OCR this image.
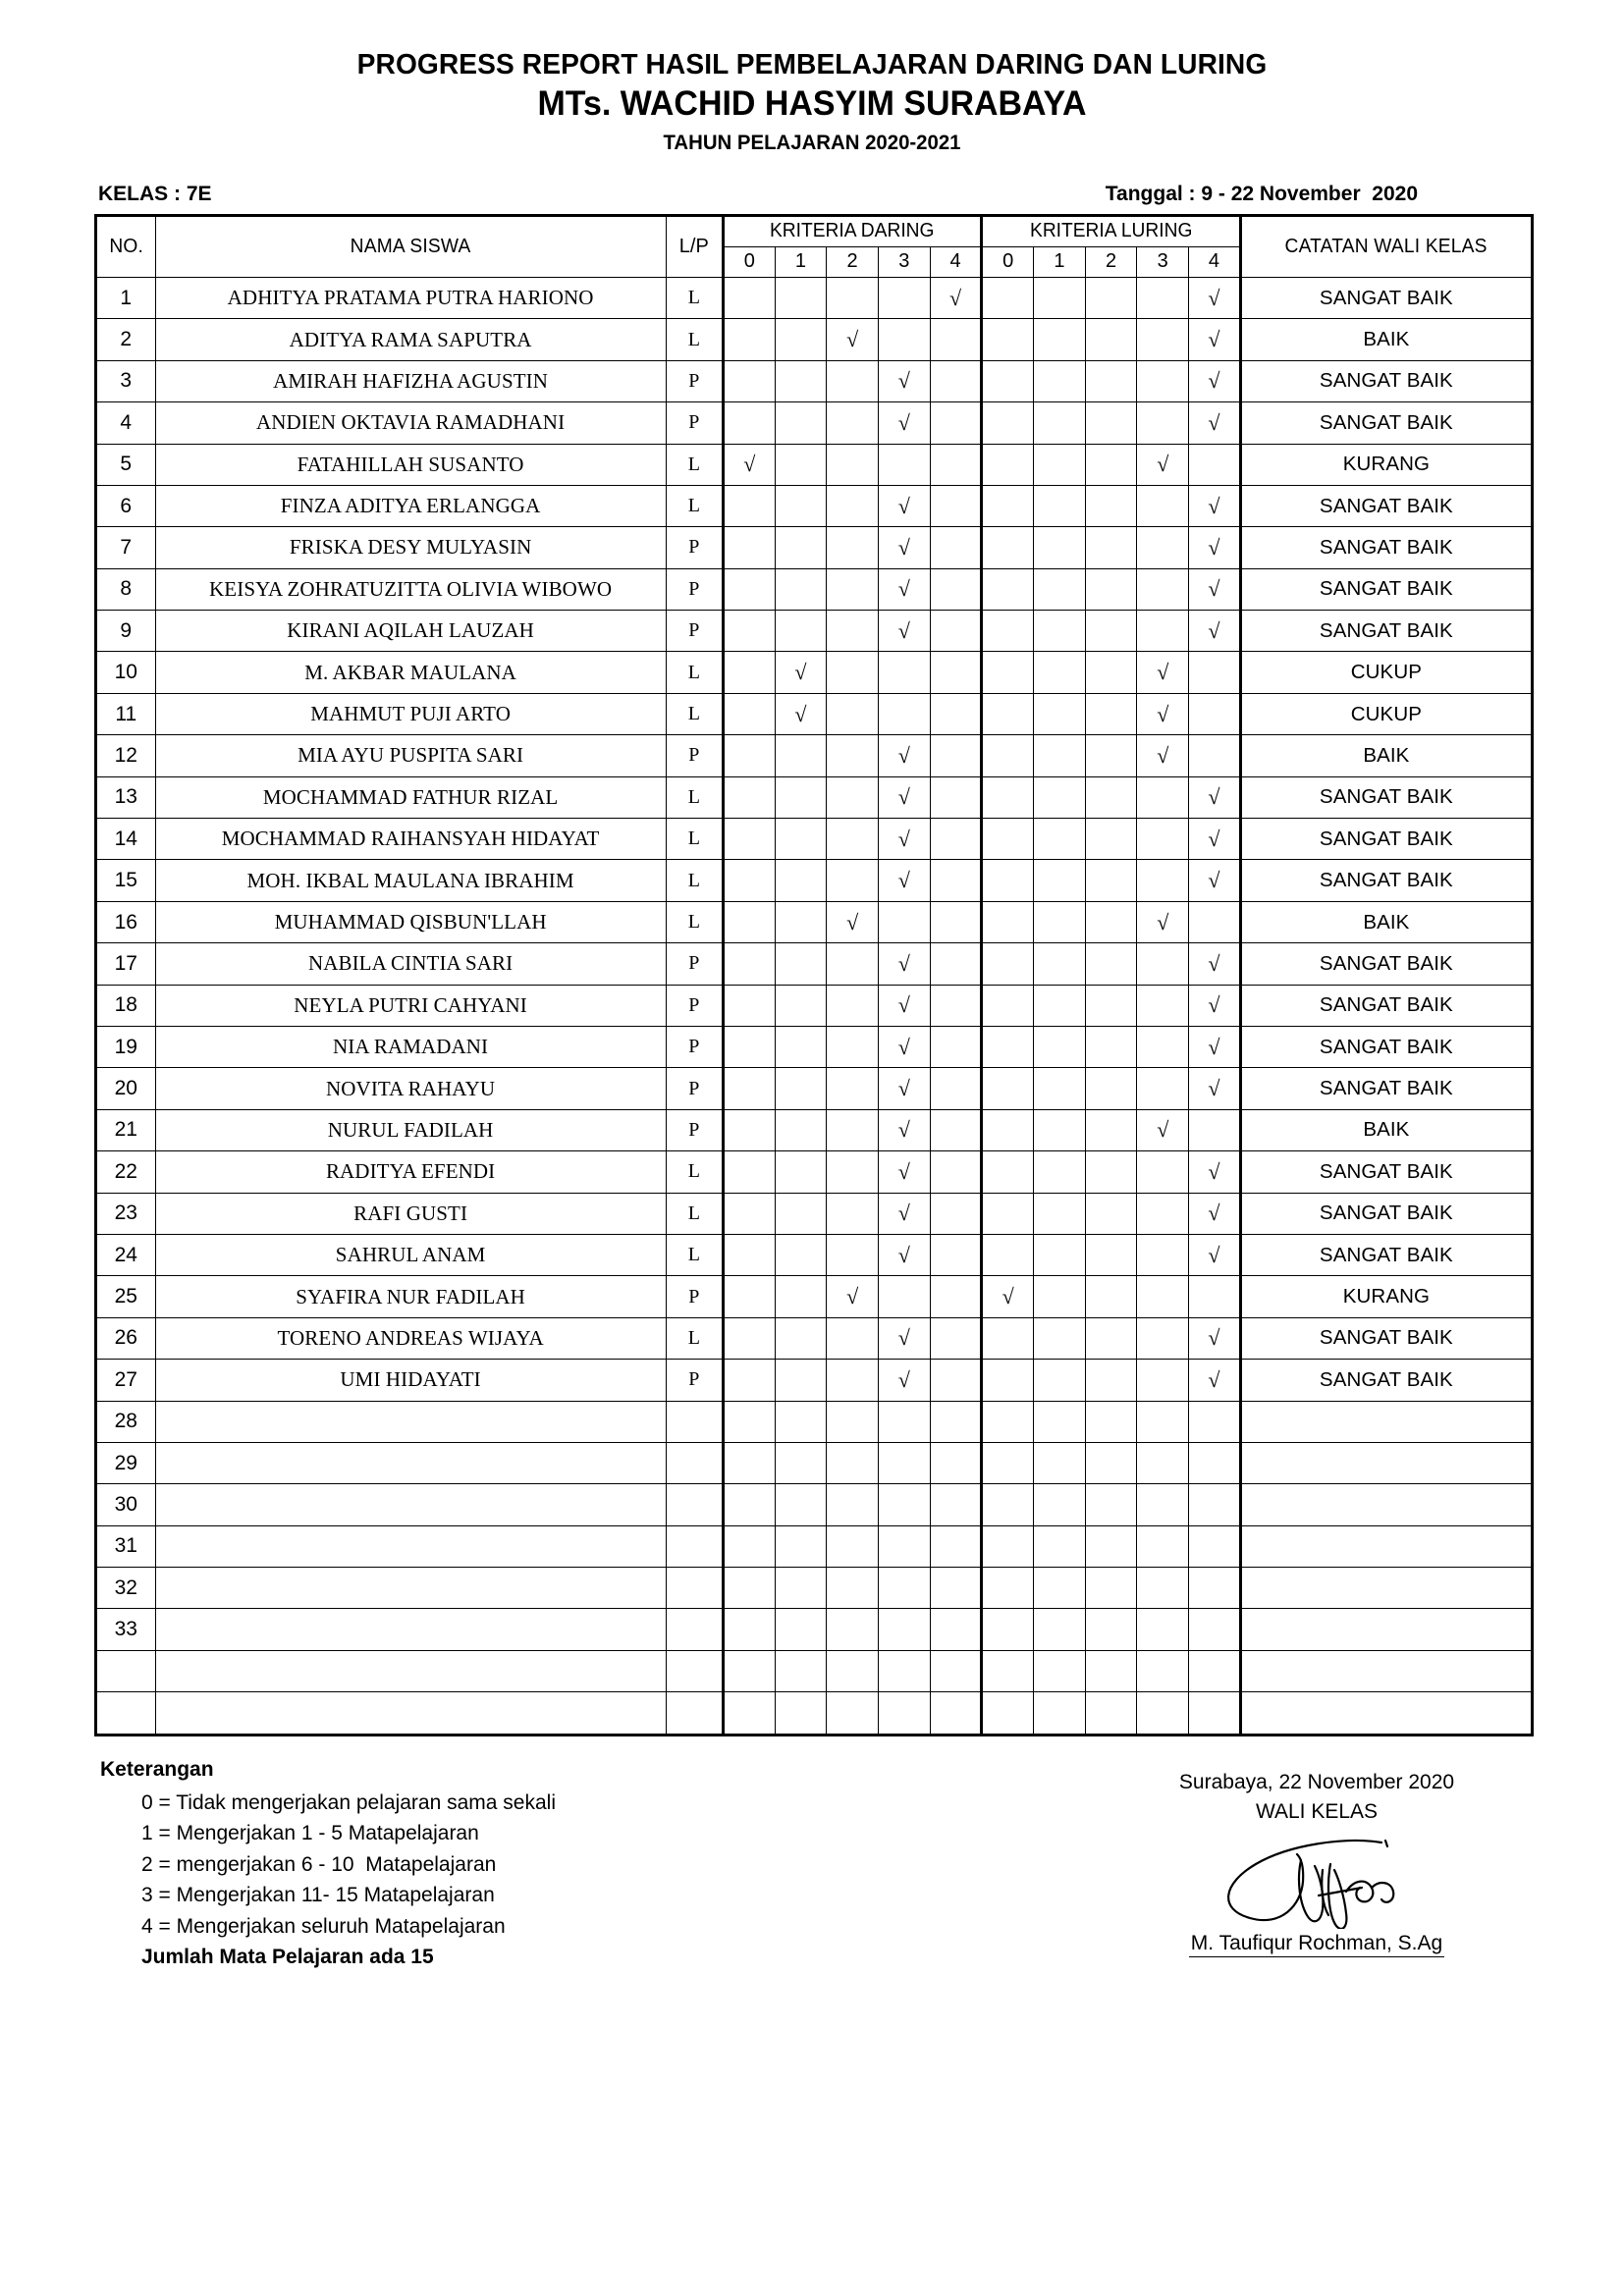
PROGRESS REPORT HASIL PEMBELAJARAN DARING DAN LURING
MTs. WACHID HASYIM SURABAYA
TAHUN PELAJARAN 2020-2021
KELAS : 7E	Tanggal : 9 - 22 November  2020
NO.	NAMA SISWA	L/P	KRITERIA DARING					KRITERIA LURING					CATATAN WALI KELAS
			0	1	2	3	4	0	1	2	3	4	
1	ADHITYA PRATAMA PUTRA HARIONO	L					√					√	SANGAT BAIK
2	ADITYA RAMA SAPUTRA	L			√							√	BAIK
3	AMIRAH HAFIZHA AGUSTIN	P				√						√	SANGAT BAIK
4	ANDIEN OKTAVIA RAMADHANI	P				√						√	SANGAT BAIK
5	FATAHILLAH SUSANTO	L	√								√		KURANG
6	FINZA ADITYA ERLANGGA	L				√						√	SANGAT BAIK
7	FRISKA DESY MULYASIN	P				√						√	SANGAT BAIK
8	KEISYA ZOHRATUZITTA OLIVIA WIBOWO	P				√						√	SANGAT BAIK
9	KIRANI AQILAH LAUZAH	P				√						√	SANGAT BAIK
10	M. AKBAR MAULANA	L		√							√		CUKUP
11	MAHMUT PUJI ARTO	L		√							√		CUKUP
12	MIA AYU PUSPITA SARI	P				√					√		BAIK
13	MOCHAMMAD FATHUR RIZAL	L				√						√	SANGAT BAIK
14	MOCHAMMAD RAIHANSYAH HIDAYAT	L				√						√	SANGAT BAIK
15	MOH. IKBAL MAULANA IBRAHIM	L				√						√	SANGAT BAIK
16	MUHAMMAD QISBUN'LLAH	L			√						√		BAIK
17	NABILA CINTIA SARI	P				√						√	SANGAT BAIK
18	NEYLA PUTRI CAHYANI	P				√						√	SANGAT BAIK
19	NIA RAMADANI	P				√						√	SANGAT BAIK
20	NOVITA RAHAYU	P				√						√	SANGAT BAIK
21	NURUL FADILAH	P				√					√		BAIK
22	RADITYA EFENDI	L				√						√	SANGAT BAIK
23	RAFI GUSTI	L				√						√	SANGAT BAIK
24	SAHRUL ANAM	L				√						√	SANGAT BAIK
25	SYAFIRA NUR FADILAH	P			√			√					KURANG
26	TORENO ANDREAS WIJAYA	L				√						√	SANGAT BAIK
27	UMI HIDAYATI	P				√						√	SANGAT BAIK
28													
29													
30													
31													
32													
33													

Keterangan
0 = Tidak mengerjakan pelajaran sama sekali
1 = Mengerjakan 1 - 5 Matapelajaran
2 = mengerjakan 6 - 10  Matapelajaran
3 = Mengerjakan 11- 15 Matapelajaran
4 = Mengerjakan seluruh Matapelajaran
Jumlah Mata Pelajaran ada 15
Surabaya, 22 November 2020
WALI KELAS
M. Taufiqur Rochman, S.Ag
